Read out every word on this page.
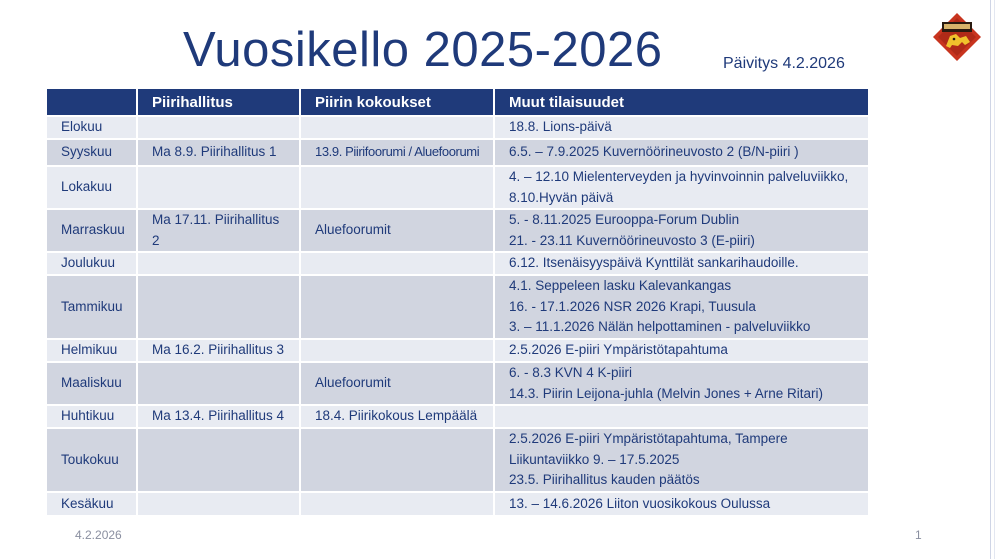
Vuosikello 2025-2026	Päivitys 4.2.2026
	Piirihallitus	Piirin kokoukset	Muut tilaisuudet
Elokuu			18.8. Lions-päivä

Syyskuu	Ma 8.9. Piirihallitus 1	13.9. Piirifoorumi / Aluefoorumi	6.5. – 7.9.2025 Kuvernöörineuvosto 2 (B/N-piiri )

Lokakuu			4. – 12.10 Mielenterveyden ja hyvinvoinnin palveluviikko,
8.10.Hyvän päivä

Marraskuu	Ma 17.11. Piirihallitus 2	Aluefoorumit	5. - 8.11.2025 Eurooppa-Forum Dublin
21. - 23.11 Kuvernöörineuvosto 3 (E-piiri)

Joulukuu			6.12. Itsenäisyyspäivä Kynttilät sankarihaudoille.

Tammikuu			4.1. Seppeleen lasku Kalevankangas
16. - 17.1.2026 NSR 2026 Krapi, Tuusula
3. – 11.1.2026 Nälän helpottaminen - palveluviikko

Helmikuu	Ma 16.2. Piirihallitus 3		2.5.2026 E-piiri Ympäristötapahtuma

Maaliskuu		Aluefoorumit	6. - 8.3 KVN 4 K-piiri
14.3. Piirin Leijona-juhla (Melvin Jones + Arne Ritari)

Huhtikuu	Ma 13.4. Piirihallitus 4	18.4. Piirikokous Lempäälä	

Toukokuu			2.5.2026 E-piiri Ympäristötapahtuma, Tampere
Liikuntaviikko 9. – 17.5.2025
23.5. Piirihallitus kauden päätös

Kesäkuu			13. – 14.6.2026 Liiton vuosikokous Oulussa
4.2.2026	1
